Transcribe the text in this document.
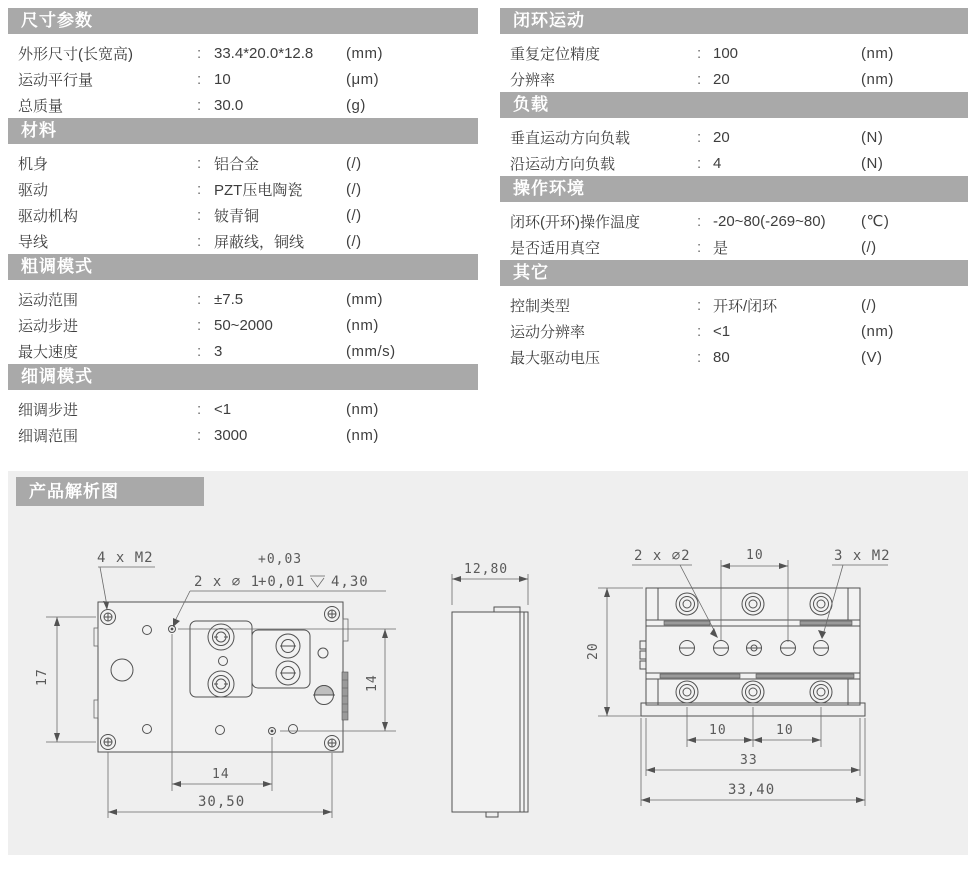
尺寸参数
外形尺寸(长宽高)	: 33.4*20.0*12.8	(mm)
运动平行量	: 10	(μm)
总质量	: 30.0	(g)
材料
机身	: 铝合金	(/)
驱动	: PZT压电陶瓷	(/)
驱动机构	: 铍青铜	(/)
导线	: 屏蔽线，铜线	(/)
粗调模式
运动范围	: ±7.5	(mm)
运动步进	: 50~2000	(nm)
最大速度	: 3	(mm/s)
细调模式
细调步进	: <1	(nm)
细调范围	: 3000	(nm)
闭环运动
重复定位精度	: 100	(nm)
分辨率	: 20	(nm)
负载
垂直运动方向负载	: 20	(N)
沿运动方向负载	: 4	(N)
操作环境
闭环(开环)操作温度	: -20~80(-269~80)	(℃)
是否适用真空	: 是	(/)
其它
控制类型	: 开环/闭环	(/)
运动分辨率	: <1	(nm)
最大驱动电压	: 80	(V)
产品解析图
4 x M2	+0,03
2 x ⌀ 1
+0,01 4,30
17	14
14
30,50
12,80
2 x ⌀2	3 x M2
10
20
10	10
33
33,40
